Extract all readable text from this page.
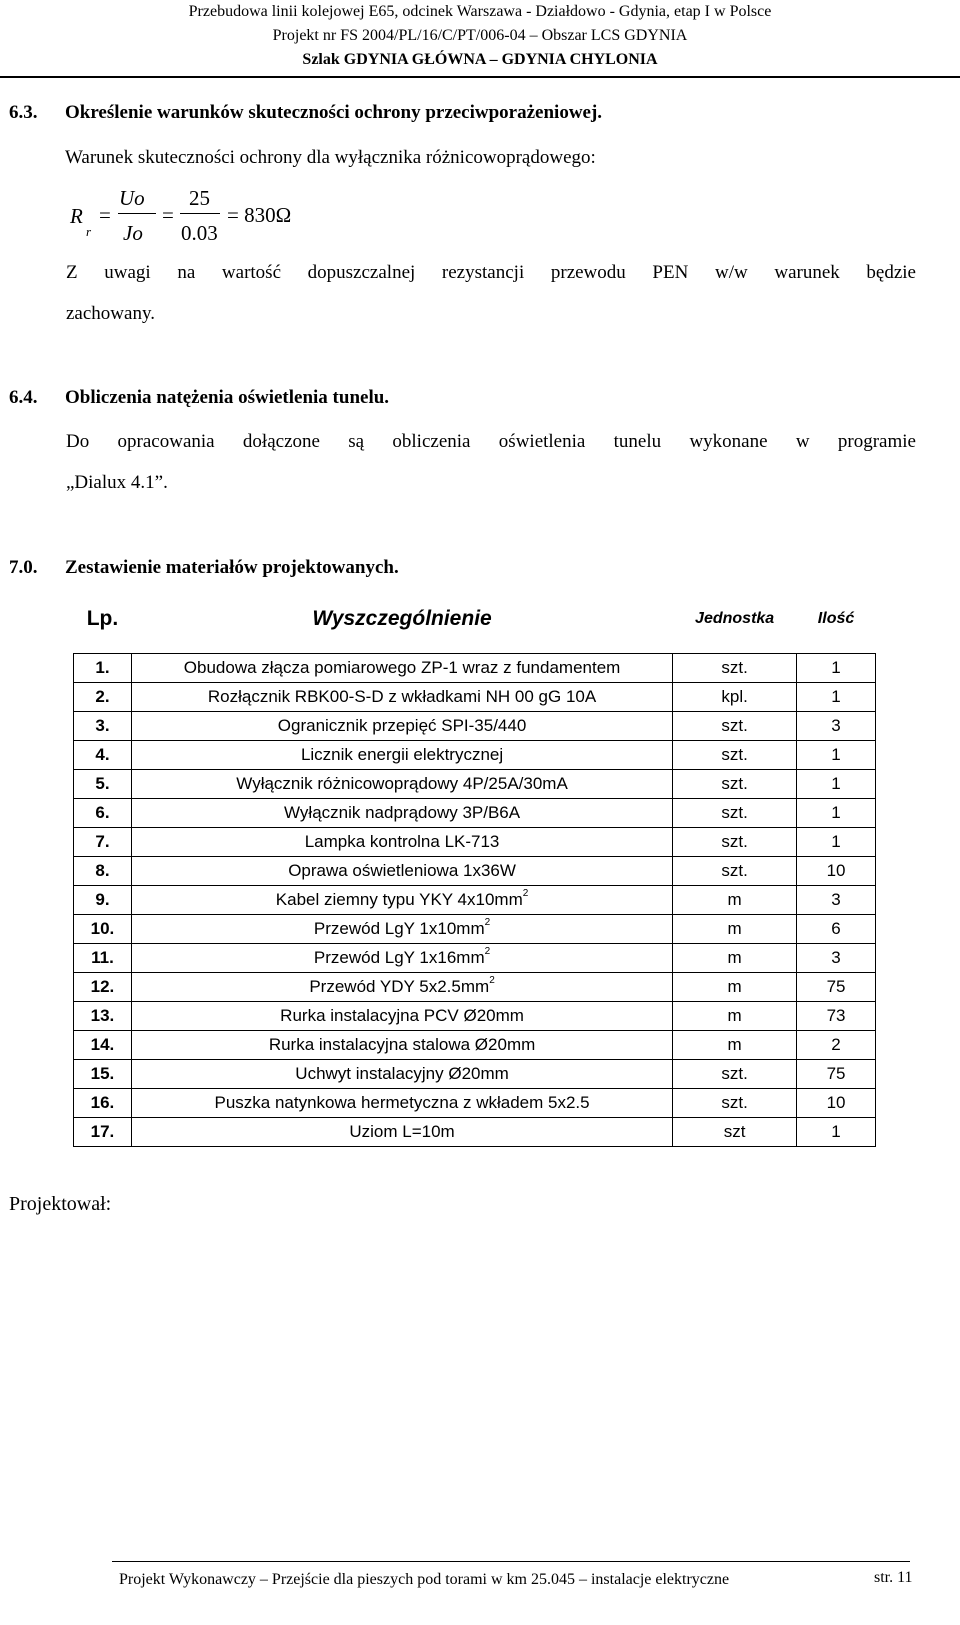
Przebudowa linii kolejowej E65, odcinek Warszawa - Działdowo - Gdynia, etap I w Polsce
Projekt nr FS 2004/PL/16/C/PT/006-04 – Obszar LCS GDYNIA
Szlak GDYNIA GŁÓWNA – GDYNIA CHYLONIA
6.3. Określenie warunków skuteczności ochrony przeciwporażeniowej.
Warunek skuteczności ochrony dla wyłącznika różnicowoprądowego:
R
r
=
Uo
Jo
=
25
0.03
= 830Ω
Z uwagi na wartość dopuszczalnej rezystancji przewodu PEN w/w warunek będzie
zachowany.
6.4. Obliczenia natężenia oświetlenia tunelu.
Do opracowania dołączone są obliczenia oświetlenia tunelu wykonane w programie
„Dialux 4.1”.
7.0. Zestawienie materiałów projektowanych.
Lp.	Wyszczególnienie	Jednostka	Ilość

1.	Obudowa złącza pomiarowego ZP-1 wraz z fundamentem	szt.	1
2.	Rozłącznik RBK00-S-D z wkładkami NH 00 gG 10A	kpl.	1
3.	Ogranicznik przepięć SPI-35/440	szt.	3
4.	Licznik energii elektrycznej	szt.	1
5.	Wyłącznik różnicowoprądowy 4P/25A/30mA	szt.	1
6.	Wyłącznik nadprądowy 3P/B6A	szt.	1
7.	Lampka kontrolna LK-713	szt.	1
8.	Oprawa oświetleniowa 1x36W	szt.	10
9.	Kabel ziemny typu YKY $4x10mm^2$	m	3
10.	Przewód LgY $1x10mm^2$	m	6
11.	Przewód LgY $1x16mm^2$	m	3
12.	Przewód YDY $5x2.5mm^2$	m	75
13.	Rurka instalacyjna PCV Ø20mm	m	73
14.	Rurka instalacyjna stalowa Ø20mm	m	2
15.	Uchwyt instalacyjny Ø20mm	szt.	75
16.	Puszka natynkowa hermetyczna z wkładem 5x2.5	szt.	10
17.	Uziom L=10m	szt	1
Projektował:
Projekt Wykonawczy – Przejście dla pieszych pod torami w km 25.045 – instalacje elektryczne	str. 11
